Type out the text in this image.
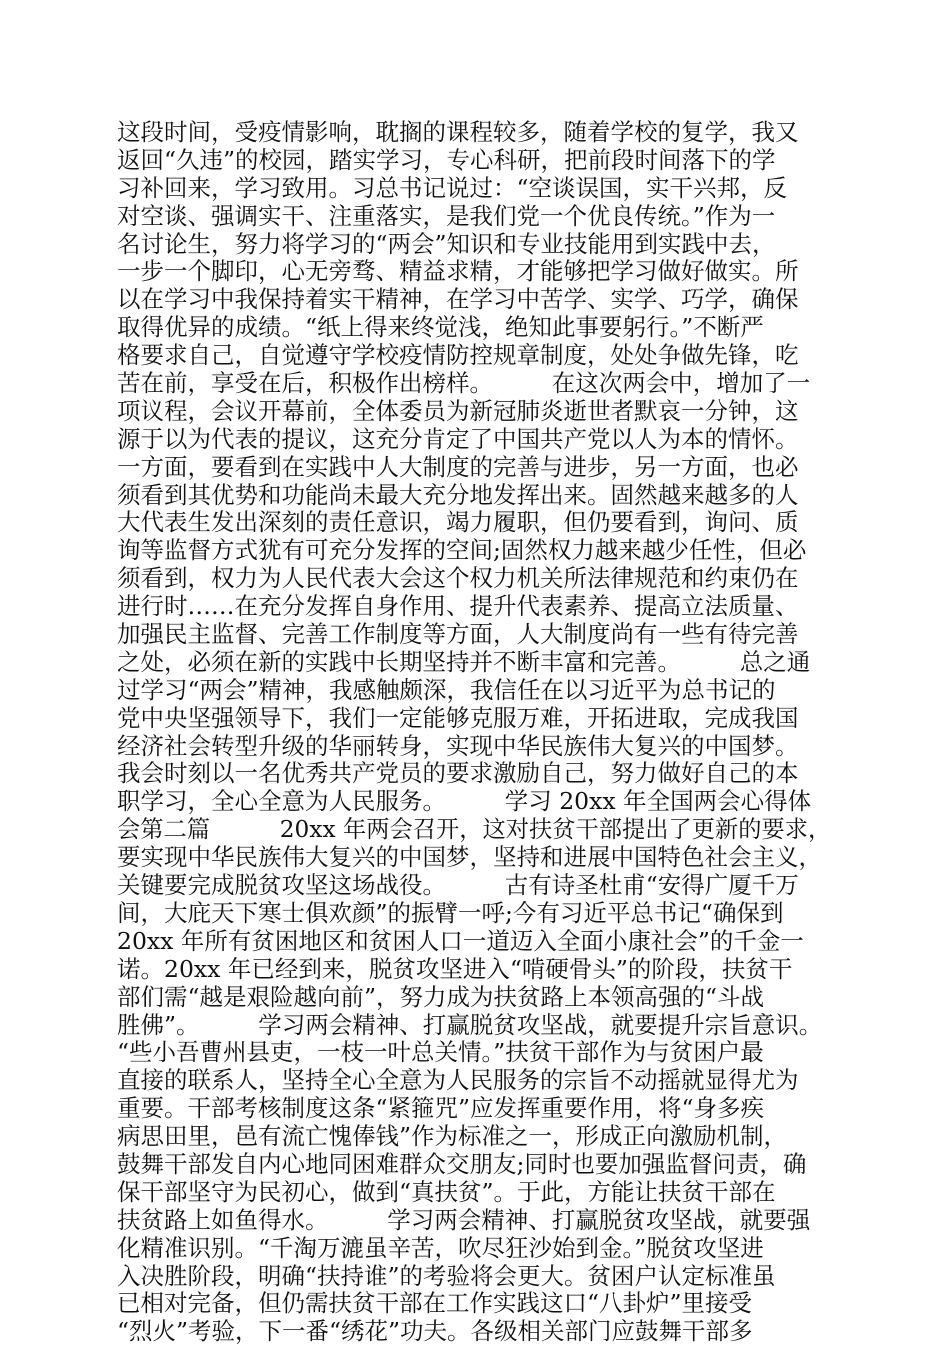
这段时间，受疫情影响，耽搁的课程较多，随着学校的复学，我又
返回“久违”的校园，踏实学习，专心科研，把前段时间落下的学
习补回来，学习致用。习总书记说过：“空谈误国，实干兴邦，反
对空谈、强调实干、注重落实，是我们党一个优良传统。”作为一
名讨论生，努力将学习的“两会”知识和专业技能用到实践中去，
一步一个脚印，心无旁骛、精益求精，才能够把学习做好做实。所
以在学习中我保持着实干精神，在学习中苦学、实学、巧学，确保
取得优异的成绩。“纸上得来终觉浅，绝知此事要躬行。”不断严
格要求自己，自觉遵守学校疫情防控规章制度，处处争做先锋，吃
苦在前，享受在后，积极作出榜样。　　　在这次两会中，增加了一
项议程，会议开幕前，全体委员为新冠肺炎逝世者默哀一分钟，这
源于以为代表的提议，这充分肯定了中国共产党以人为本的情怀。
一方面，要看到在实践中人大制度的完善与进步，另一方面，也必
须看到其优势和功能尚未最大充分地发挥出来。固然越来越多的人
大代表生发出深刻的责任意识，竭力履职，但仍要看到，询问、质
询等监督方式犹有可充分发挥的空间;固然权力越来越少任性，但必
须看到，权力为人民代表大会这个权力机关所法律规范和约束仍在
进行时……在充分发挥自身作用、提升代表素养、提高立法质量、
加强民主监督、完善工作制度等方面，人大制度尚有一些有待完善
之处，必须在新的实践中长期坚持并不断丰富和完善。　　　总之通
过学习“两会”精神，我感触颇深，我信任在以习近平为总书记的
党中央坚强领导下，我们一定能够克服万难，开拓进取，完成我国
经济社会转型升级的华丽转身，实现中华民族伟大复兴的中国梦。
我会时刻以一名优秀共产党员的要求激励自己，努力做好自己的本
职学习，全心全意为人民服务。　　　学习 20xx 年全国两会心得体
会第二篇　　　20xx 年两会召开，这对扶贫干部提出了更新的要求，
要实现中华民族伟大复兴的中国梦，坚持和进展中国特色社会主义，
关键要完成脱贫攻坚这场战役。　　　古有诗圣杜甫“安得广厦千万
间，大庇天下寒士俱欢颜”的振臂一呼;今有习近平总书记“确保到
20xx 年所有贫困地区和贫困人口一道迈入全面小康社会”的千金一
诺。20xx 年已经到来，脱贫攻坚进入“啃硬骨头”的阶段，扶贫干
部们需“越是艰险越向前”，努力成为扶贫路上本领高强的“斗战
胜佛”。　　　学习两会精神、打赢脱贫攻坚战，就要提升宗旨意识。
“些小吾曹州县吏，一枝一叶总关情。”扶贫干部作为与贫困户最
直接的联系人，坚持全心全意为人民服务的宗旨不动摇就显得尤为
重要。干部考核制度这条“紧箍咒”应发挥重要作用，将“身多疾
病思田里，邑有流亡愧俸钱”作为标准之一，形成正向激励机制，
鼓舞干部发自内心地同困难群众交朋友;同时也要加强监督问责，确
保干部坚守为民初心，做到“真扶贫”。于此，方能让扶贫干部在
扶贫路上如鱼得水。　　　学习两会精神、打赢脱贫攻坚战，就要强
化精准识别。“千淘万漉虽辛苦，吹尽狂沙始到金。”脱贫攻坚进
入决胜阶段，明确“扶持谁”的考验将会更大。贫困户认定标准虽
已相对完备，但仍需扶贫干部在工作实践这口“八卦炉”里接受
“烈火”考验，下一番“绣花”功夫。各级相关部门应鼓舞干部多
